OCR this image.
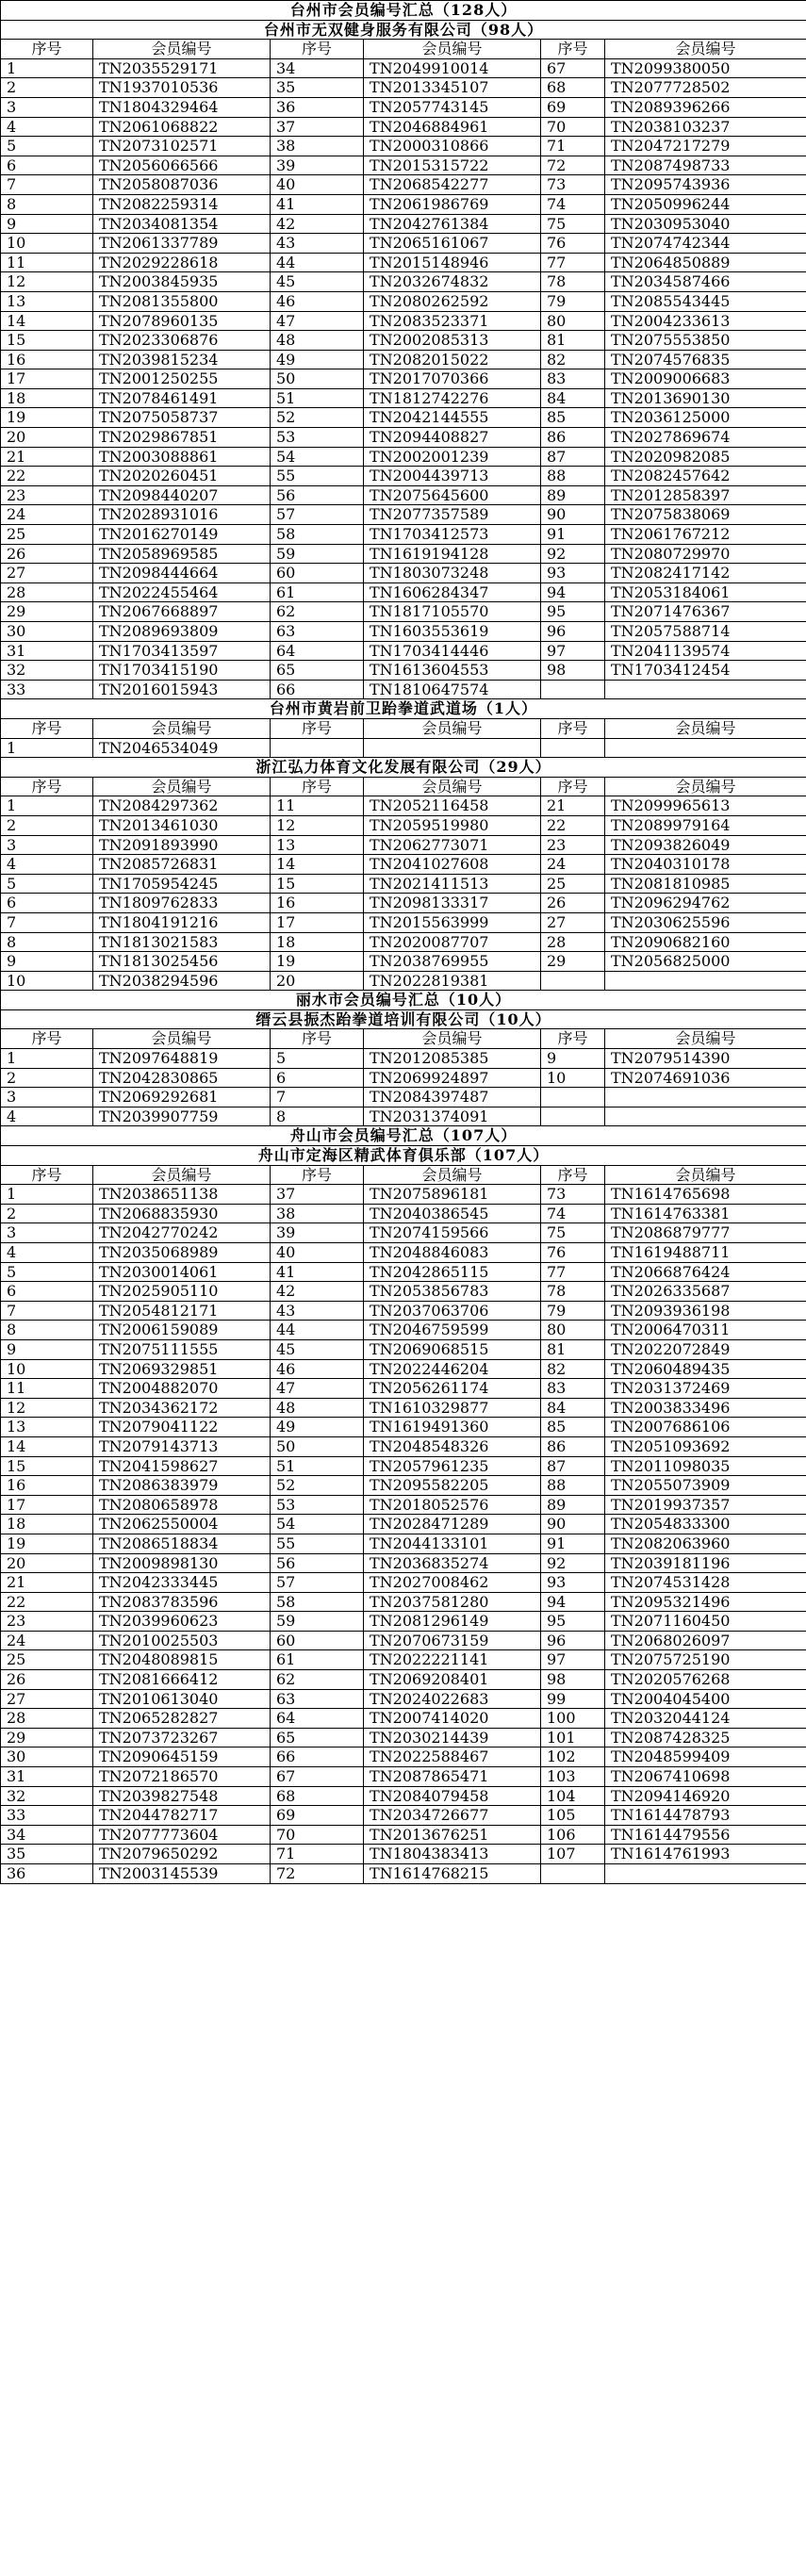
台州市会员编号汇总（128人）					
台州市无双健身服务有限公司（98人）					
序号	会员编号	序号	会员编号	序号	会员编号
1	TN2035529171	34	TN2049910014	67	TN2099380050
2	TN1937010536	35	TN2013345107	68	TN2077728502
3	TN1804329464	36	TN2057743145	69	TN2089396266
4	TN2061068822	37	TN2046884961	70	TN2038103237
5	TN2073102571	38	TN2000310866	71	TN2047217279
6	TN2056066566	39	TN2015315722	72	TN2087498733
7	TN2058087036	40	TN2068542277	73	TN2095743936
8	TN2082259314	41	TN2061986769	74	TN2050996244
9	TN2034081354	42	TN2042761384	75	TN2030953040
10	TN2061337789	43	TN2065161067	76	TN2074742344
11	TN2029228618	44	TN2015148946	77	TN2064850889
12	TN2003845935	45	TN2032674832	78	TN2034587466
13	TN2081355800	46	TN2080262592	79	TN2085543445
14	TN2078960135	47	TN2083523371	80	TN2004233613
15	TN2023306876	48	TN2002085313	81	TN2075553850
16	TN2039815234	49	TN2082015022	82	TN2074576835
17	TN2001250255	50	TN2017070366	83	TN2009006683
18	TN2078461491	51	TN1812742276	84	TN2013690130
19	TN2075058737	52	TN2042144555	85	TN2036125000
20	TN2029867851	53	TN2094408827	86	TN2027869674
21	TN2003088861	54	TN2002001239	87	TN2020982085
22	TN2020260451	55	TN2004439713	88	TN2082457642
23	TN2098440207	56	TN2075645600	89	TN2012858397
24	TN2028931016	57	TN2077357589	90	TN2075838069
25	TN2016270149	58	TN1703412573	91	TN2061767212
26	TN2058969585	59	TN1619194128	92	TN2080729970
27	TN2098444664	60	TN1803073248	93	TN2082417142
28	TN2022455464	61	TN1606284347	94	TN2053184061
29	TN2067668897	62	TN1817105570	95	TN2071476367
30	TN2089693809	63	TN1603553619	96	TN2057588714
31	TN1703413597	64	TN1703414446	97	TN2041139574
32	TN1703415190	65	TN1613604553	98	TN1703412454
33	TN2016015943	66	TN1810647574		
台州市黄岩前卫跆拳道武道场（1人）					
序号	会员编号	序号	会员编号	序号	会员编号
1	TN2046534049				
浙江弘力体育文化发展有限公司（29人）					
序号	会员编号	序号	会员编号	序号	会员编号
1	TN2084297362	11	TN2052116458	21	TN2099965613
2	TN2013461030	12	TN2059519980	22	TN2089979164
3	TN2091893990	13	TN2062773071	23	TN2093826049
4	TN2085726831	14	TN2041027608	24	TN2040310178
5	TN1705954245	15	TN2021411513	25	TN2081810985
6	TN1809762833	16	TN2098133317	26	TN2096294762
7	TN1804191216	17	TN2015563999	27	TN2030625596
8	TN1813021583	18	TN2020087707	28	TN2090682160
9	TN1813025456	19	TN2038769955	29	TN2056825000
10	TN2038294596	20	TN2022819381		
丽水市会员编号汇总（10人）					
缙云县振杰跆拳道培训有限公司（10人）					
序号	会员编号	序号	会员编号	序号	会员编号
1	TN2097648819	5	TN2012085385	9	TN2079514390
2	TN2042830865	6	TN2069924897	10	TN2074691036
3	TN2069292681	7	TN2084397487		
4	TN2039907759	8	TN2031374091		
舟山市会员编号汇总（107人）					
舟山市定海区精武体育俱乐部（107人）					
序号	会员编号	序号	会员编号	序号	会员编号
1	TN2038651138	37	TN2075896181	73	TN1614765698
2	TN2068835930	38	TN2040386545	74	TN1614763381
3	TN2042770242	39	TN2074159566	75	TN2086879777
4	TN2035068989	40	TN2048846083	76	TN1619488711
5	TN2030014061	41	TN2042865115	77	TN2066876424
6	TN2025905110	42	TN2053856783	78	TN2026335687
7	TN2054812171	43	TN2037063706	79	TN2093936198
8	TN2006159089	44	TN2046759599	80	TN2006470311
9	TN2075111555	45	TN2069068515	81	TN2022072849
10	TN2069329851	46	TN2022446204	82	TN2060489435
11	TN2004882070	47	TN2056261174	83	TN2031372469
12	TN2034362172	48	TN1610329877	84	TN2003833496
13	TN2079041122	49	TN1619491360	85	TN2007686106
14	TN2079143713	50	TN2048548326	86	TN2051093692
15	TN2041598627	51	TN2057961235	87	TN2011098035
16	TN2086383979	52	TN2095582205	88	TN2055073909
17	TN2080658978	53	TN2018052576	89	TN2019937357
18	TN2062550004	54	TN2028471289	90	TN2054833300
19	TN2086518834	55	TN2044133101	91	TN2082063960
20	TN2009898130	56	TN2036835274	92	TN2039181196
21	TN2042333445	57	TN2027008462	93	TN2074531428
22	TN2083783596	58	TN2037581280	94	TN2095321496
23	TN2039960623	59	TN2081296149	95	TN2071160450
24	TN2010025503	60	TN2070673159	96	TN2068026097
25	TN2048089815	61	TN2022221141	97	TN2075725190
26	TN2081666412	62	TN2069208401	98	TN2020576268
27	TN2010613040	63	TN2024022683	99	TN2004045400
28	TN2065282827	64	TN2007414020	100	TN2032044124
29	TN2073723267	65	TN2030214439	101	TN2087428325
30	TN2090645159	66	TN2022588467	102	TN2048599409
31	TN2072186570	67	TN2087865471	103	TN2067410698
32	TN2039827548	68	TN2084079458	104	TN2094146920
33	TN2044782717	69	TN2034726677	105	TN1614478793
34	TN2077773604	70	TN2013676251	106	TN1614479556
35	TN2079650292	71	TN1804383413	107	TN1614761993
36	TN2003145539	72	TN1614768215		
